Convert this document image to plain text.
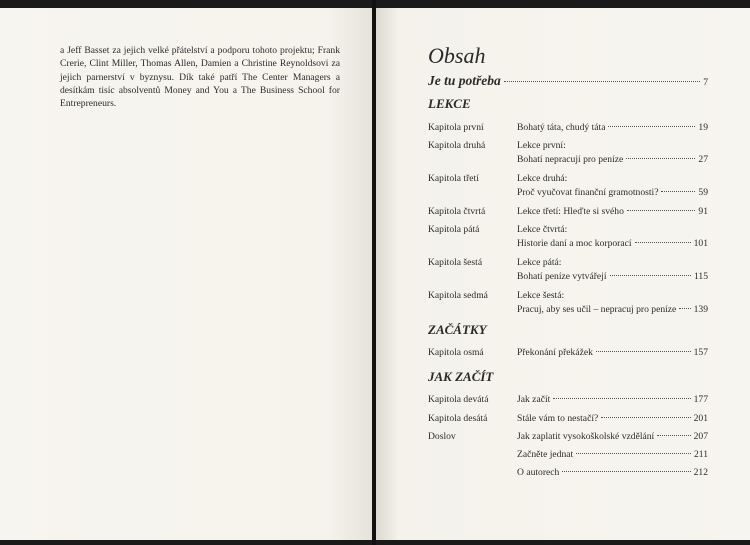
a Jeff Basset za jejich velké přátelství a podporu tohoto projektu; Frank Crerie, Clint Miller, Thomas Allen, Damien a Christine Reynoldsovi za jejich parnerství v byznysu. Dík také patří The Center Managers a desítkám tisíc absolventů Money and You a The Business School for Entrepreneurs.

Obsah
Je tu potřeba	7
LEKCE
Kapitola první	Bohatý táta, chudý táta	19
Kapitola druhá	Lekce první:
Bohatí nepracují pro peníze	27
Kapitola třetí	Lekce druhá:
Proč vyučovat finanční gramotnosti?	59
Kapitola čtvrtá	Lekce třetí: Hleďte si svého	91
Kapitola pátá	Lekce čtvrtá:
Historie daní a moc korporací	101
Kapitola šestá	Lekce pátá:
Bohatí peníze vytvářejí	115
Kapitola sedmá	Lekce šestá:
Pracuj, aby ses učil – nepracuj pro peníze 139
ZAČÁTKY
Kapitola osmá	Překonání překážek	157
JAK ZAČÍT
Kapitola devátá	Jak začít	177
Kapitola desátá	Stále vám to nestačí?	201
Doslov	Jak zaplatit vysokoškolské vzdělání	207
Začněte jednat	211
O autorech	212
